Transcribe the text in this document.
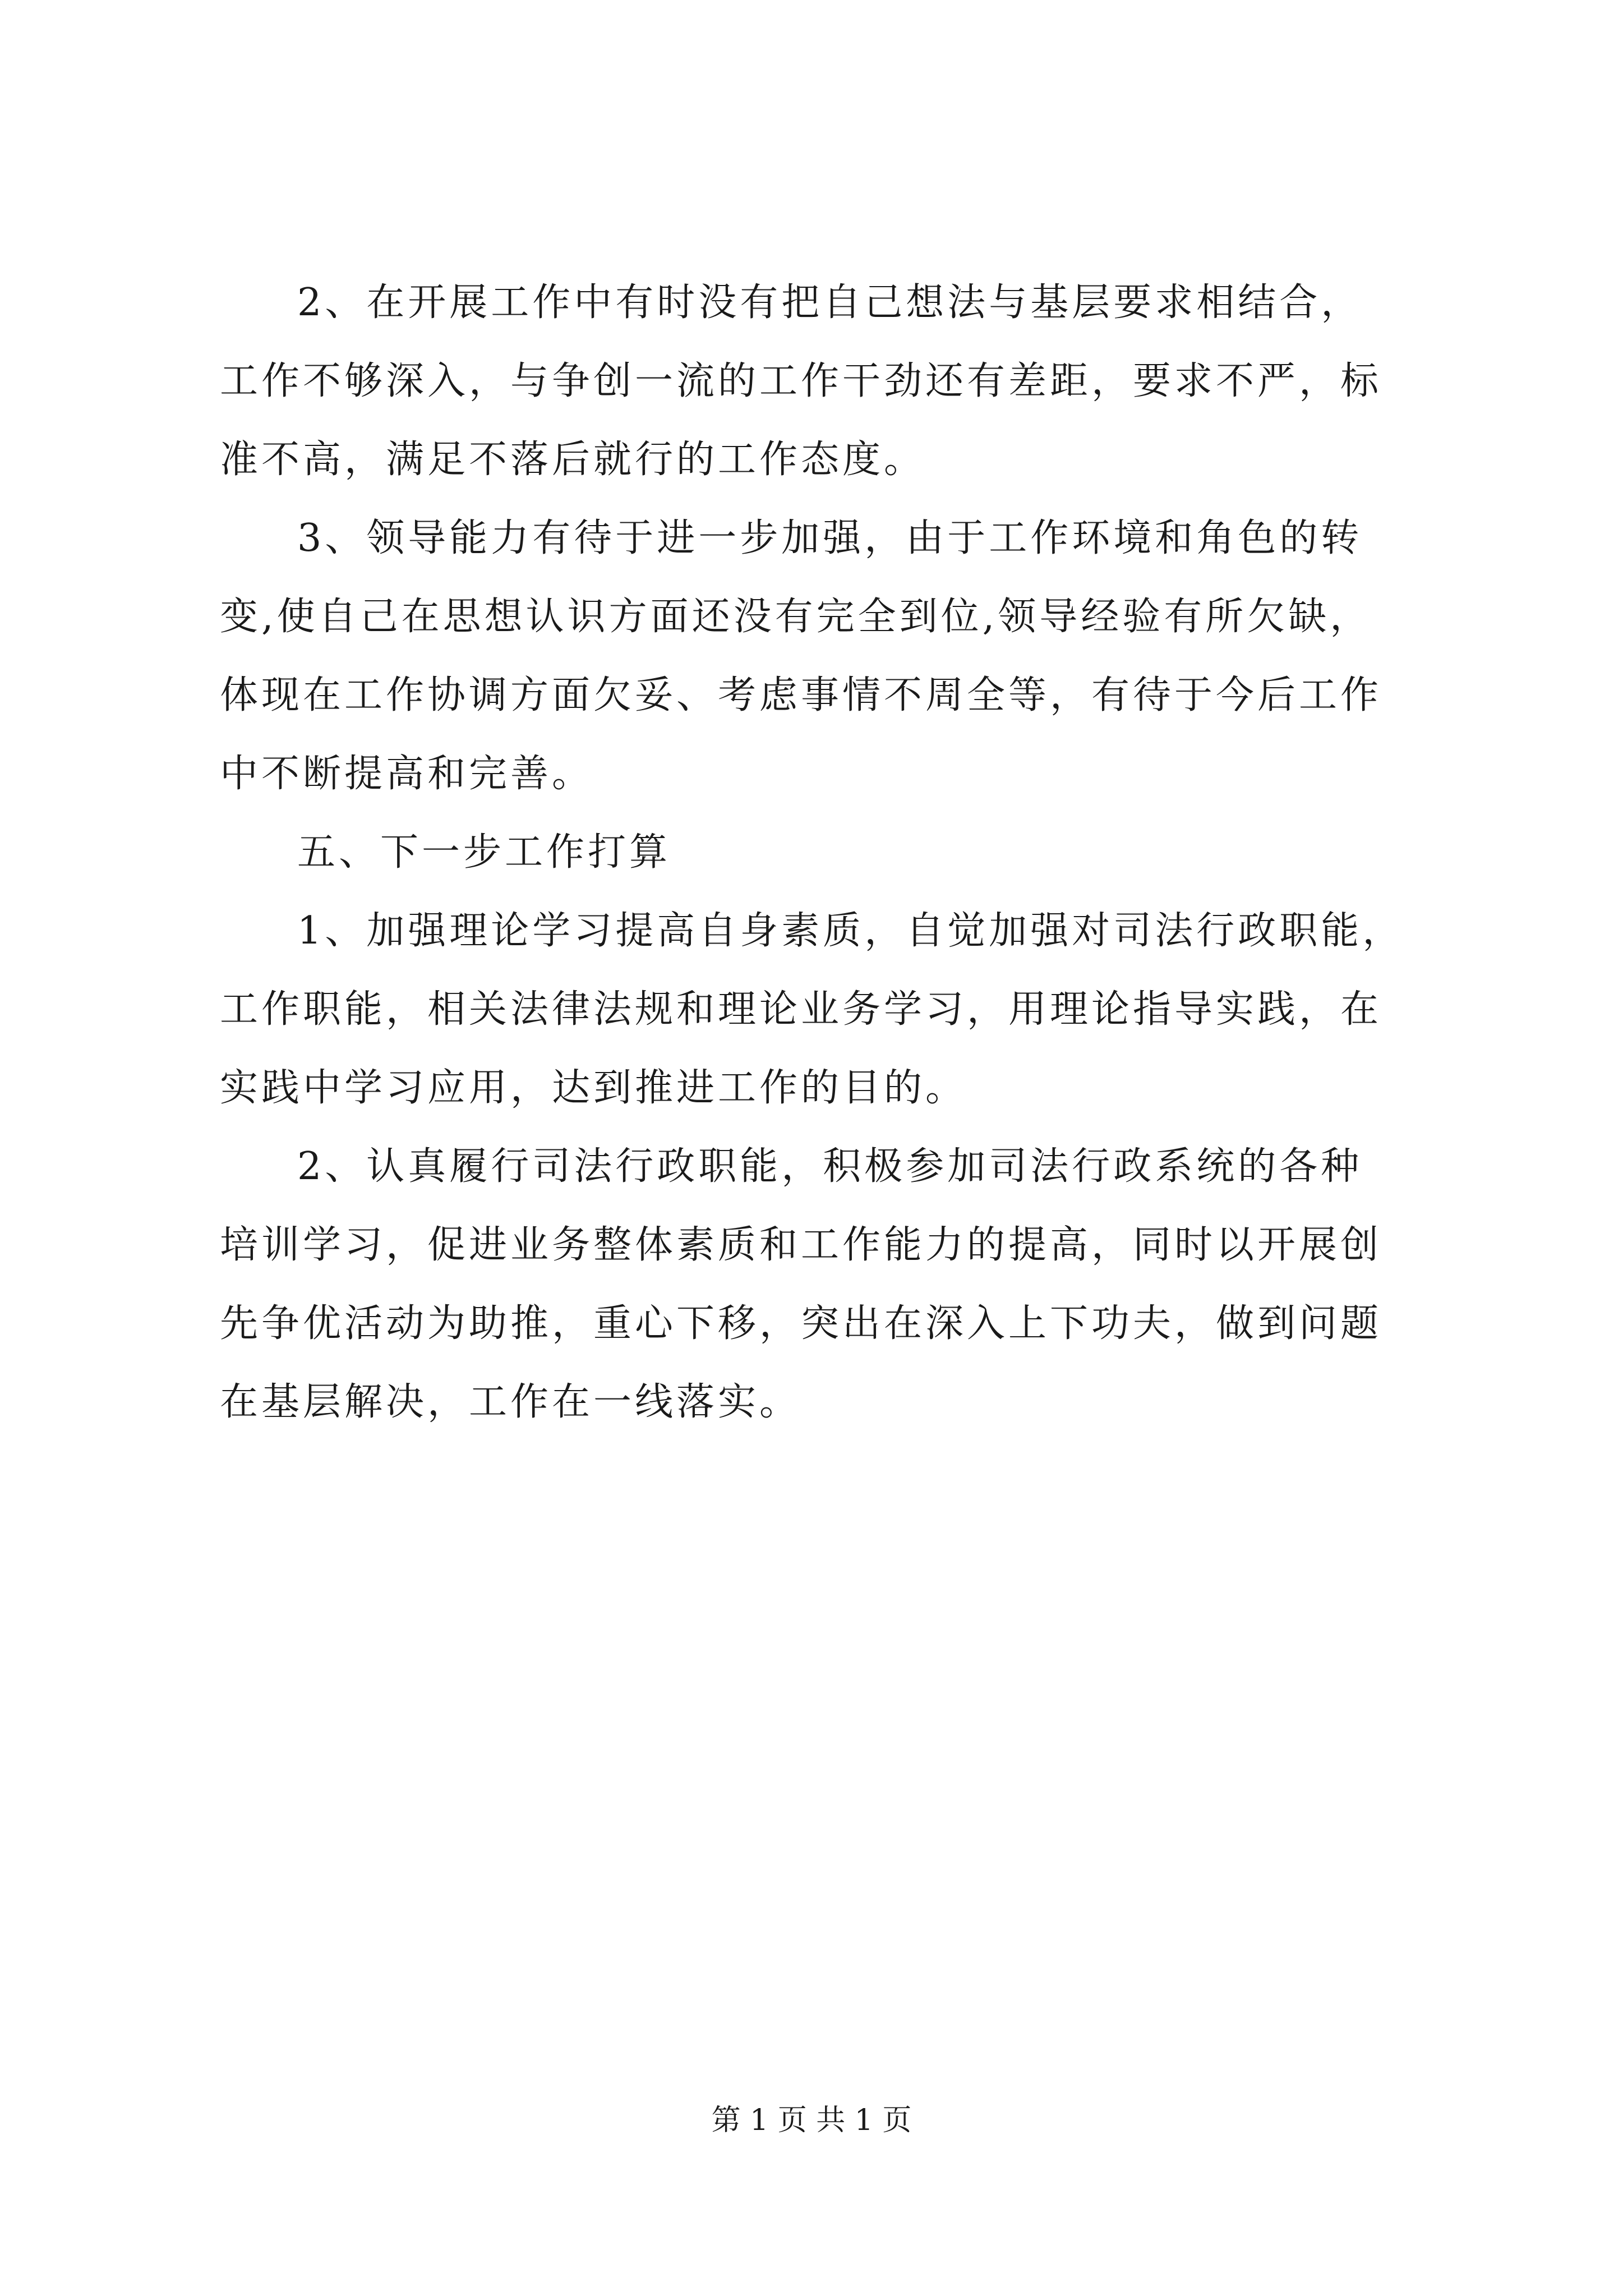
2、在开展工作中有时没有把自己想法与基层要求相结合，
工作不够深入，与争创一流的工作干劲还有差距，要求不严，标
准不高，满足不落后就行的工作态度。
3、领导能力有待于进一步加强，由于工作环境和角色的转
变,使自己在思想认识方面还没有完全到位,领导经验有所欠缺，
体现在工作协调方面欠妥、考虑事情不周全等，有待于今后工作
中不断提高和完善。
五、下一步工作打算
1、加强理论学习提高自身素质，自觉加强对司法行政职能，
工作职能，相关法律法规和理论业务学习，用理论指导实践，在
实践中学习应用，达到推进工作的目的。
2、认真履行司法行政职能，积极参加司法行政系统的各种
培训学习，促进业务整体素质和工作能力的提高，同时以开展创
先争优活动为助推，重心下移，突出在深入上下功夫，做到问题
在基层解决，工作在一线落实。
第 1 页 共 1 页
